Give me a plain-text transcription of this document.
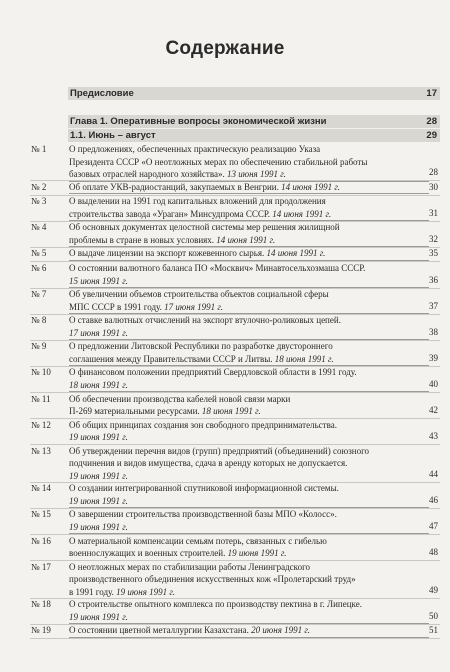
Содержание
Предисловие	17
Глава 1. Оперативные вопросы экономической жизни	28
1.1. Июнь – август	29
№ 1	О предложениях, обеспеченных практическую реализацию Указа
Президента СССР «О неотложных мерах по обеспечению стабильной работы
базовых отраслей народного хозяйства». 13 июня 1991 г.	28
№ 2	Об оплате УКВ-радиостанций, закупаемых в Венгрии. 14 июня 1991 г.	30
№ 3	О выделении на 1991 год капитальных вложений для продолжения
строительства завода «Ураган» Минсудпрома СССР. 14 июня 1991 г.	31
№ 4	Об основных документах целостной системы мер решения жилищной
проблемы в стране в новых условиях. 14 июня 1991 г.	32
№ 5	О выдаче лицензии на экспорт кожевенного сырья. 14 июня 1991 г.	35
№ 6	О состоянии валютного баланса ПО «Москвич» Минавтосельхозмаша СССР.
15 июня 1991 г.	36
№ 7	Об увеличении объемов строительства объектов социальной сферы
МПС СССР в 1991 году. 17 июня 1991 г.	37
№ 8	О ставке валютных отчислений на экспорт втулочно-роликовых цепей.
17 июня 1991 г.	38
№ 9	О предложении Литовской Республики по разработке двустороннего
соглашения между Правительствами СССР и Литвы. 18 июня 1991 г.	39
№ 10 О финансовом положении предприятий Свердловской области в 1991 году.
18 июня 1991 г.	40
№ 11 Об обеспечении производства кабелей новой связи марки
П-269 материальными ресурсами. 18 июня 1991 г.	42
№ 12 Об общих принципах создания зон свободного предпринимательства.
19 июня 1991 г.	43
№ 13 Об утверждении перечня видов (групп) предприятий (объединений) союзного
подчинения и видов имущества, сдача в аренду которых не допускается.
19 июня 1991 г.	44
№ 14 О создании интегрированной спутниковой информационной системы.
19 июня 1991 г.	46
№ 15 О завершении строительства производственной базы МПО «Колосс».
19 июня 1991 г.	47
№ 16 О материальной компенсации семьям потерь, связанных с гибелью
военнослужащих и военных строителей. 19 июня 1991 г.	48
№ 17 О неотложных мерах по стабилизации работы Ленинградского
производственного объединения искусственных кож «Пролетарский труд»
в 1991 году. 19 июня 1991 г.	49
№ 18 О строительстве опытного комплекса по производству пектина в г. Липецке.
19 июня 1991 г.	50
№ 19 О состоянии цветной металлургии Казахстана. 20 июня 1991 г.	51
